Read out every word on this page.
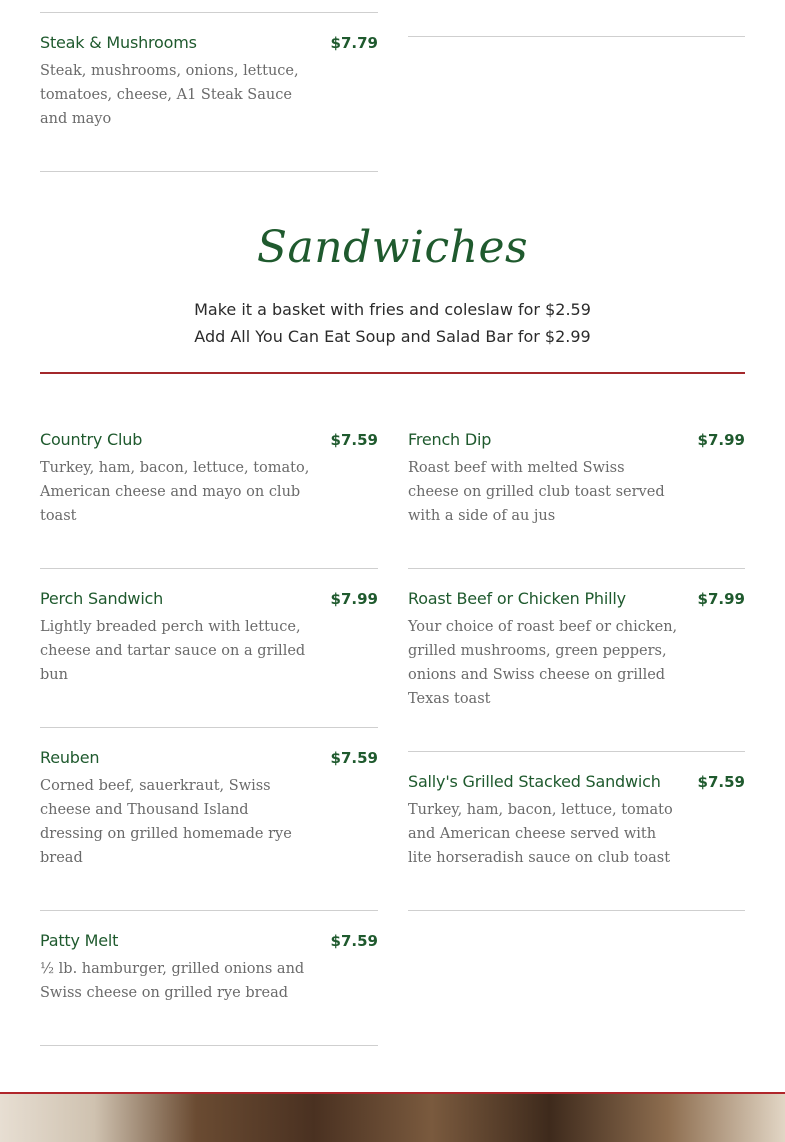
Steak & Mushrooms	$7.79
Steak, mushrooms, onions, lettuce, tomatoes, cheese, A1 Steak Sauce and mayo
Sandwiches
Make it a basket with fries and coleslaw for $2.59
Add All You Can Eat Soup and Salad Bar for $2.99
Country Club	$7.59
Turkey, ham, bacon, lettuce, tomato, American cheese and mayo on club toast
Perch Sandwich	$7.99
Lightly breaded perch with lettuce, cheese and tartar sauce on a grilled bun
Reuben	$7.59
Corned beef, sauerkraut, Swiss cheese and Thousand Island dressing on grilled homemade rye bread
Patty Melt	$7.59
½ lb. hamburger, grilled onions and Swiss cheese on grilled rye bread
French Dip	$7.99
Roast beef with melted Swiss cheese on grilled club toast served with a side of au jus
Roast Beef or Chicken Philly	$7.99
Your choice of roast beef or chicken, grilled mushrooms, green peppers, onions and Swiss cheese on grilled Texas toast
Sally's Grilled Stacked Sandwich	$7.59
Turkey, ham, bacon, lettuce, tomato and American cheese served with lite horseradish sauce on club toast
